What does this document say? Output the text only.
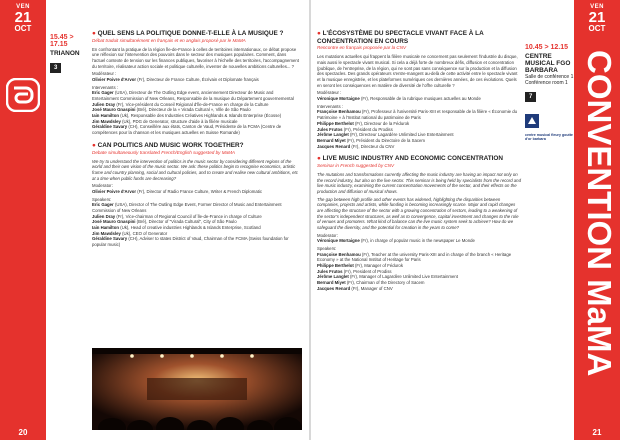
VEN
21
OCT
CONVENTION MaMA
20
15.45 > 17.15
TRIANON
3
● QUEL SENS LA POLITIQUE DONNE-T-ELLE À LA MUSIQUE ?
Débat traduit simultanément en français et en anglais proposé par le MaMA

En confrontant la pratique de la région Île-de-France à celles de territoires internationaux, ce débat propose une réflexion sur l'intervention des pouvoirs dans le secteur des musiques populaires. Comment, dans l'actuel contexte de tension sur les finances publiques, favoriser à l'échelle des territoires, l'accompagnement du territoire, réalisateur action sociale et politique culturelle, inventer de nouvelles ambitions culturelles... ?

Modérateur :
Olivier Poivre d'Arvor (Fr), Directeur de France Culture, Écrivain et Diplomate français
Intervenants :
Eric Gager (USA), Directeur de The Outling Edge event, anciennement Directeur de Music and Entertainment Commission of New Orleans, Responsable de la musique du Département gouvernemental
Julien Dray (Fr), Vice-président du Conseil Régional d'Île-de-France en charge de la Culture
José Mauro Gnaspini (Bré), Directeur de la « Virada Cultural », Ville de São Paulo
Iain Hamilton (Uk), Responsable des Industries Créatives Highlands & Islands Enterprise (Écosse)
Jim Mawdsley (Uk), PDG de Generator, structure d'aide à la filière musicale
Géraldine Savary (CH), Conseillère aux états, Canton de Vaud, Présidente de la FCMA (Centre de compétences pour la chanson et les musiques actuelles en Suisse Romande)
● CAN POLITICS AND MUSIC WORK TOGETHER?
Debate simultaneously translated French/English suggested by MaMA

We try to understand the intervention of politics in the music sector by considering different regions of the world and their own vision of the music sector. We ask: these politics begin to recognise economics, artistic frame and country planning, social and cultural policies, and to create and realise new cultural ambitions, etc at a time when public funds are decreasing?

Moderator:
Olivier Poivre d'Arvor (Fr), Director of Radio France Culture, Writer & French Diplomatic
Speakers:
Eric Gager (USA), Director of The Outling Edge Event, Former Director of Music and Entertainment Commission of New Orleans
Julien Dray (Fr), Vice-chairman of Regional Council of Île-de-France in charge of Culture
José Mauro Gnaspini (Bré), Director of "Virada Cultural", City of São Paulo
Iain Hamilton (Uk), Head of creative industries Highlands & Islands Enterprise, Scotland
Jim Mawdsley (Uk), CEO of Generator
Géraldine Savary (CH), Adviser to states District of Vaud, Chairman of the FCMA (Swiss foundation for popular music)
VEN
21
OCT
CONVENTION MaMA
21
● L'ÉCOSYSTÈME DU SPECTACLE VIVANT FACE À LA CONCENTRATION EN COURS
Rencontre en français proposée par la CNV

Les mutations actuelles qui frappent la filière musicale ne concernent pas seulement l'industrie du disque, mais aussi le spectacle vivant musical. Si cela a déjà forte de nombreux défis, diffusion et concentration (publique, de l'entreprise, de la région, qui ne sont pas sans conséquence sur la production et la diffusion des spectacles. Des grands opérateurs s'entre-mangent au-delà de cette activité entre le spectacle vivant et la musique enregistrée, et les plateformes numériques ces dernières années, de ces évolutions. Quels en seront les conséquences en matière de diversité de l'offre culturelle ?

Modérateur :
Véronique Mortaigne (Fr), Responsable de la rubrique musiques actuelles au Monde
Intervenants :
Françoise Benhamou (Fr), Professeur à l'université Paris-XIII et responsable de la filière « Économie du Patrimoine » à l'Institut national du patrimoine de Paris
Philippe Berthelot (Fr), Directeur de la Fédurok
Jules Frutos (Fr), Président du Prodiss
Jérôme Langlet (Fr), Directeur Lagardère Unlimited Live Entertainment
Bernard Miyet (Fr), Président du Directoire de la Sacem
Jacques Renard (Fr), Directeur du CNV
● LIVE MUSIC INDUSTRY AND ECONOMIC CONCENTRATION
Seminar in French suggested by CNV

The mutations and transformations currently affecting the music industry are having an impact not only on the record industry, but also on the live sector. This seminar is being held by specialists from the record and live music industry, examining the current concentration movements of the sector, and their effects on the production and diffusion of musical shows.

The gap between high profile and other events has widened, highlighting the disparities between companies, projects and artists, while funding is becoming increasingly scarce. Major and rapid changes are affecting the structure of the sector with a growing concentration of sectors, leading to a weakening of the sector's independent structures, as well as to convergence, capital investment and changes to the role of venues and promoters. What kind of balance can the live music system seek to achieve? How do we safeguard the diversity, and the potential for creation in the years to come?

Moderator:
Véronique Mortaigne (Fr), in charge of popular music in the newspaper Le Monde
Speakers:
Françoise Benhamou (Fr), Teacher at the university Paris-XIII and in charge of the branch « Heritage Economy » at the National Institut of Heritage for Paris
Philippe Berthelot (Fr), Manager of Fédurok
Jules Frutos (Fr), President of Prodiss
Jérôme Langlet (Fr), Manager of Lagardère Unlimited Live Entertainment
Bernard Miyet (Fr), Chairman of the Directory of Sacem
Jacques Renard (Fr), Manager of CNV
10.45 > 12.15
CENTRE MUSICAL FGO BARBARA
Salle de conférence 1
Conférence room 1
7
centre musical fleury goutte d'or barbara
